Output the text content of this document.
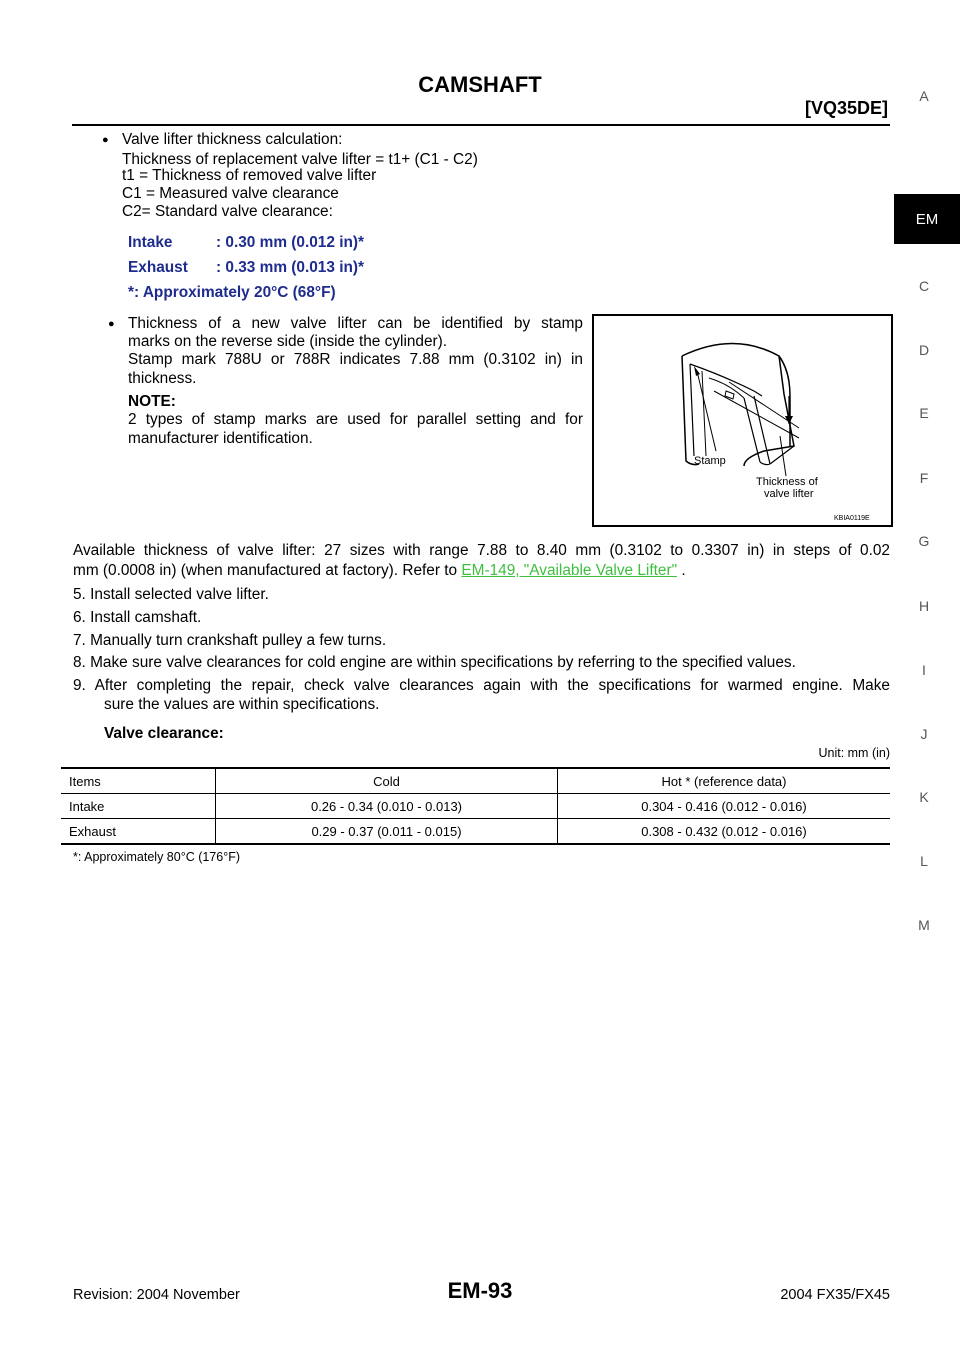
CAMSHAFT
[VQ35DE]
A
EM
C
D
E
F
G
H
I
J
K
L
M
● Valve lifter thickness calculation:
Thickness of replacement valve lifter = t1+ (C1 - C2)
t1 = Thickness of removed valve lifter
C1 = Measured valve clearance
C2= Standard valve clearance:
Intake	: 0.30 mm (0.012 in)*
Exhaust : 0.33 mm (0.013 in)*
*: Approximately 20°C (68°F)
● Thickness of a new valve lifter can be identified by stamp
marks on the reverse side (inside the cylinder).
Stamp mark 788U or 788R indicates 7.88 mm (0.3102 in) in
thickness.
NOTE:
2 types of stamp marks are used for parallel setting and for
manufacturer identification.
Stamp
Thickness of
valve lifter
KBIA0119E
Available thickness of valve lifter: 27 sizes with range 7.88 to 8.40 mm (0.3102 to 0.3307 in) in steps of 0.02
mm (0.0008 in) (when manufactured at factory). Refer to EM-149, "Available Valve Lifter" .
5. Install selected valve lifter.
6. Install camshaft.
7. Manually turn crankshaft pulley a few turns.
8. Make sure valve clearances for cold engine are within specifications by referring to the specified values.
9. After completing the repair, check valve clearances again with the specifications for warmed engine. Make
sure the values are within specifications.
Valve clearance:
Unit: mm (in)
Items	Cold	Hot * (reference data)
Intake	0.26 - 0.34 (0.010 - 0.013)	0.304 - 0.416 (0.012 - 0.016)
Exhaust	0.29 - 0.37 (0.011 - 0.015)	0.308 - 0.432 (0.012 - 0.016)
*: Approximately 80°C (176°F)
Revision: 2004 November	EM-93	2004 FX35/FX45
